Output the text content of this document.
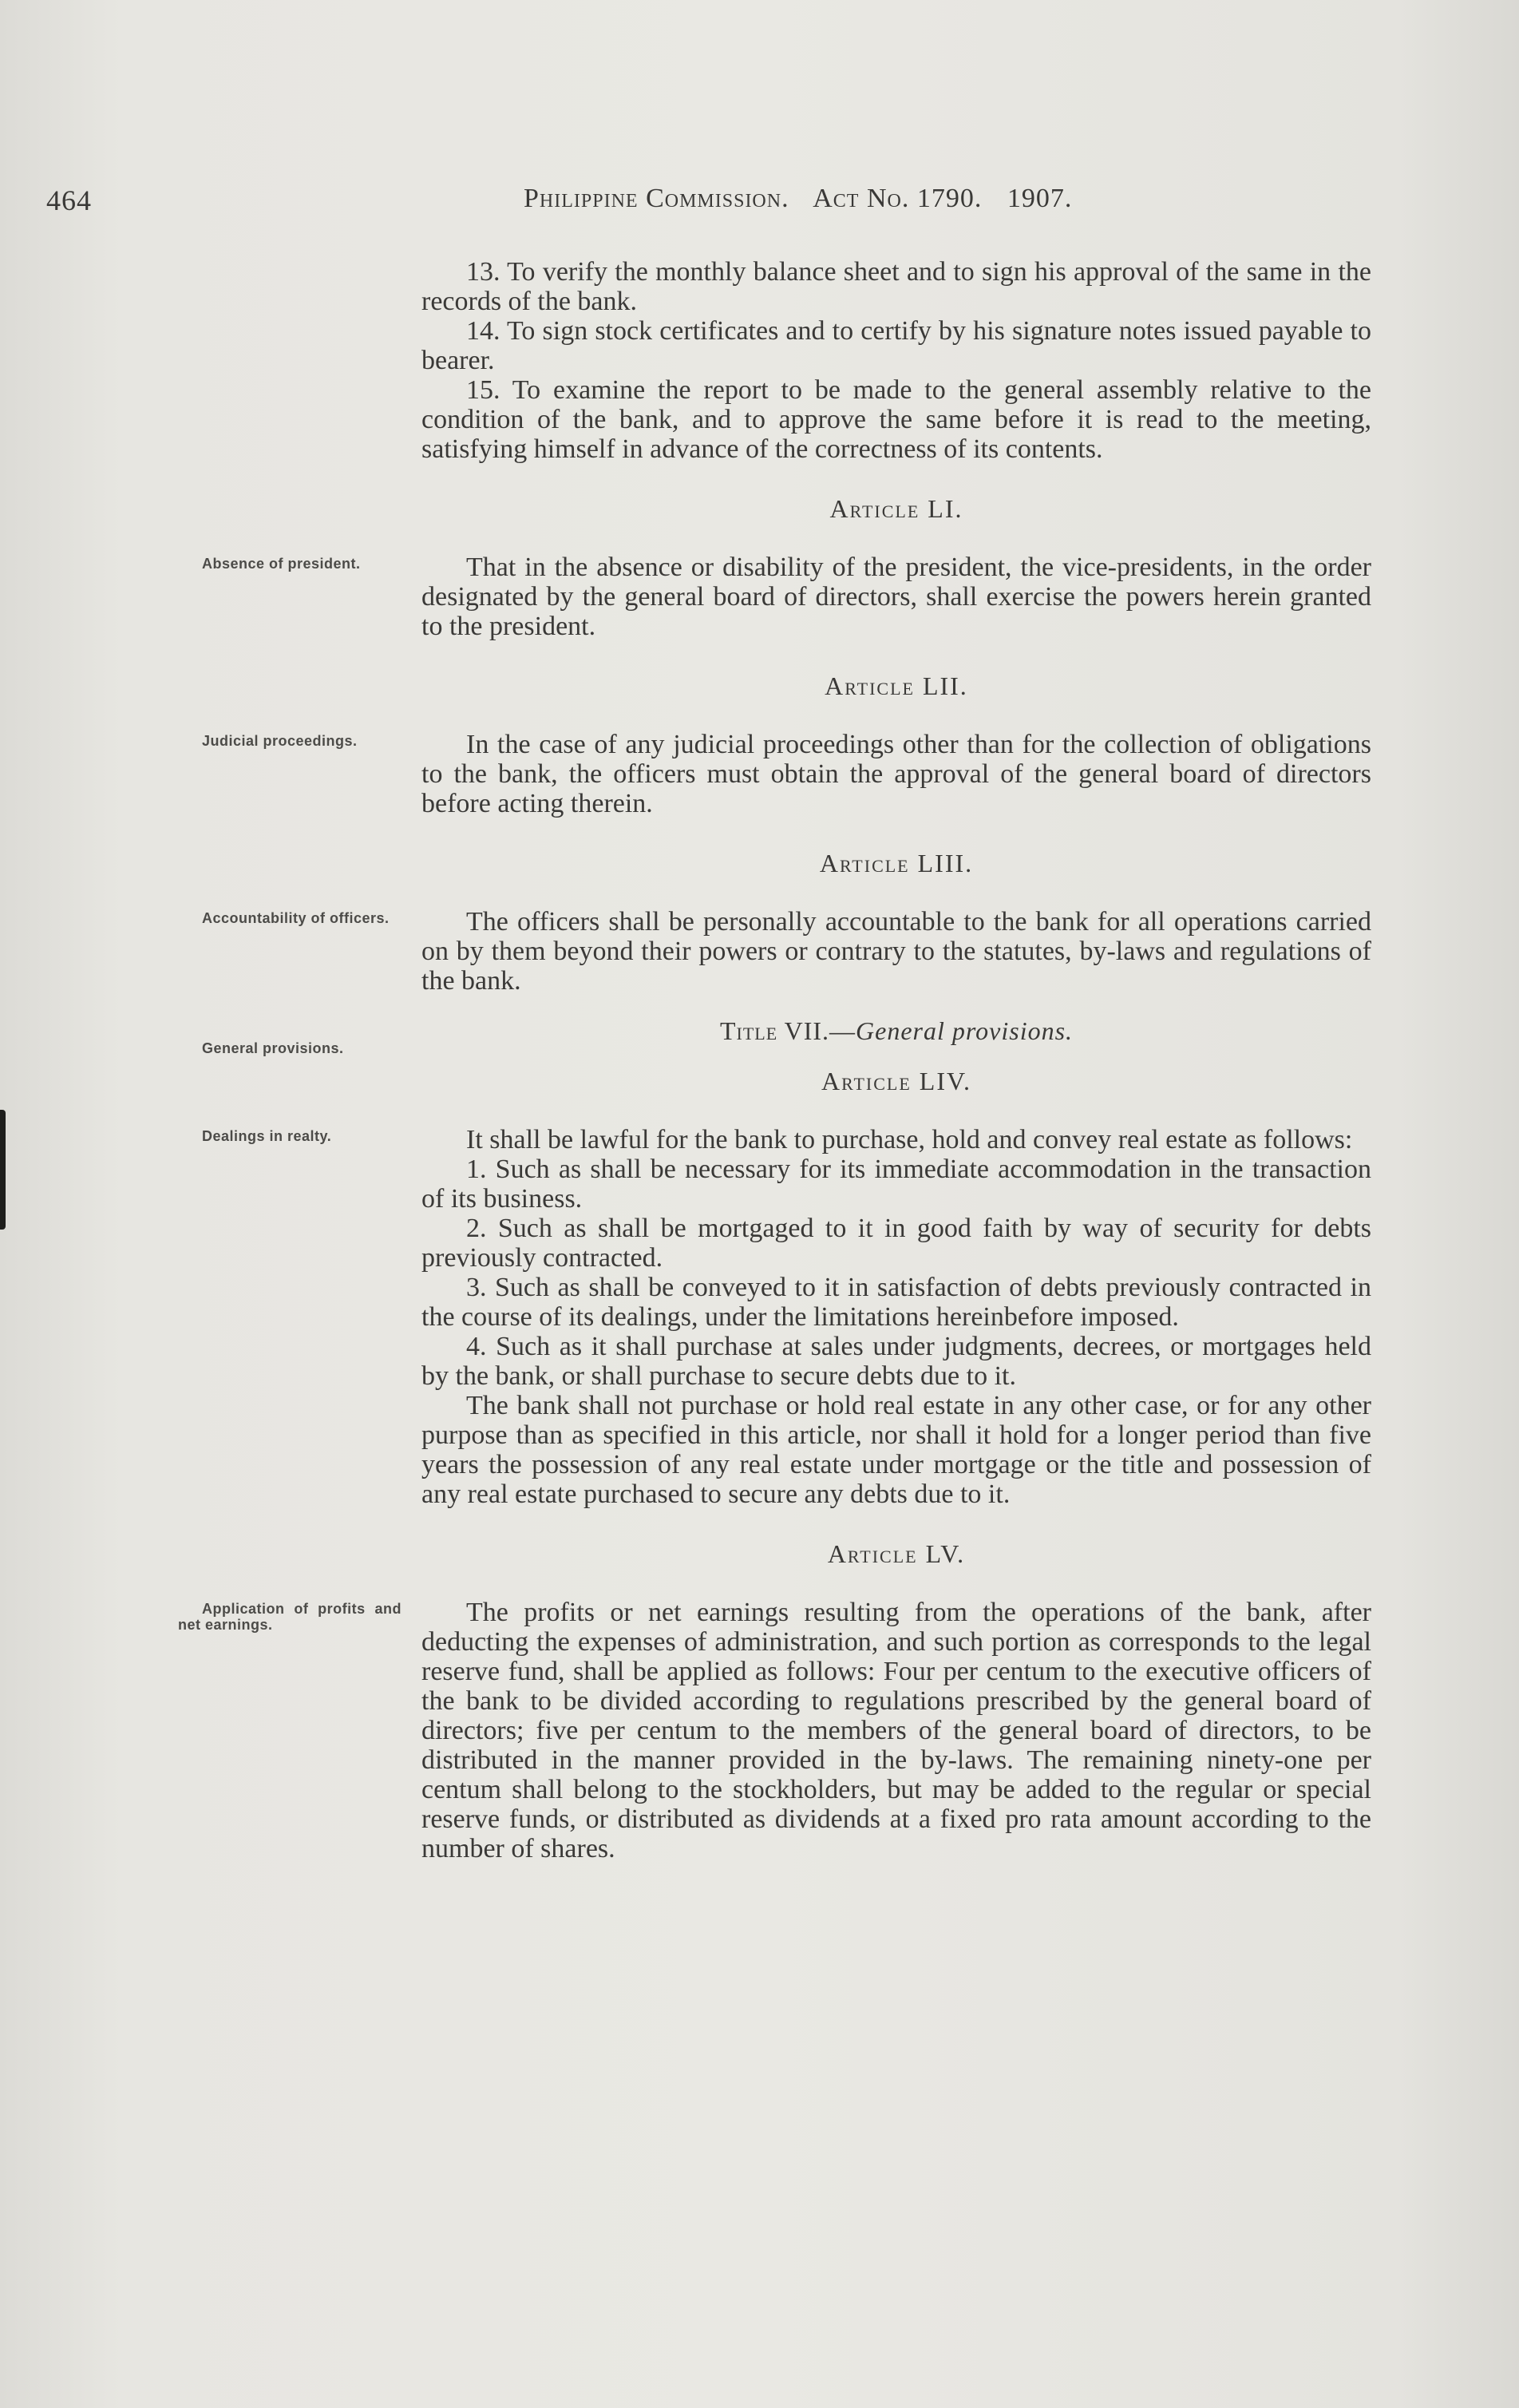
464	Philippine Commission. Act No. 1790. 1907.

13. To verify the monthly balance sheet and to sign his approval of the same in the records of the bank.

14. To sign stock certificates and to certify by his signature notes issued payable to bearer.

15. To examine the report to be made to the general assembly relative to the condition of the bank, and to approve the same before it is read to the meeting, satisfying himself in advance of the correctness of its contents.

Article LI.
Absence of president.	That in the absence or disability of the president, the vice-presidents, in the order designated by the general board of directors, shall exercise the powers herein granted to the president.

Article LII.
Judicial proceedings.	In the case of any judicial proceedings other than for the collection of obligations to the bank, the officers must obtain the approval of the general board of directors before acting therein.

Article LIII.
Accountability of officers.	The officers shall be personally accountable to the bank for all operations carried on by them beyond their powers or contrary to the statutes, by-laws and regulations of the bank.

General provisions.
Title VII.—General provisions.
Article LIV.
Dealings in realty.	It shall be lawful for the bank to purchase, hold and convey real estate as follows:

1. Such as shall be necessary for its immediate accommodation in the transaction of its business.

2. Such as shall be mortgaged to it in good faith by way of security for debts previously contracted.

3. Such as shall be conveyed to it in satisfaction of debts previously contracted in the course of its dealings, under the limitations hereinbefore imposed.

4. Such as it shall purchase at sales under judgments, decrees, or mortgages held by the bank, or shall purchase to secure debts due to it.

The bank shall not purchase or hold real estate in any other case, or for any other purpose than as specified in this article, nor shall it hold for a longer period than five years the possession of any real estate under mortgage or the title and possession of any real estate purchased to secure any debts due to it.

Article LV.
Application of profits and net earnings.	The profits or net earnings resulting from the operations of the bank, after deducting the expenses of administration, and such portion as corresponds to the legal reserve fund, shall be applied as follows: Four per centum to the executive officers of the bank to be divided according to regulations prescribed by the general board of directors; five per centum to the members of the general board of directors, to be distributed in the manner provided in the by-laws. The remaining ninety-one per centum shall belong to the stockholders, but may be added to the regular or special reserve funds, or distributed as dividends at a fixed pro rata amount according to the number of shares.
